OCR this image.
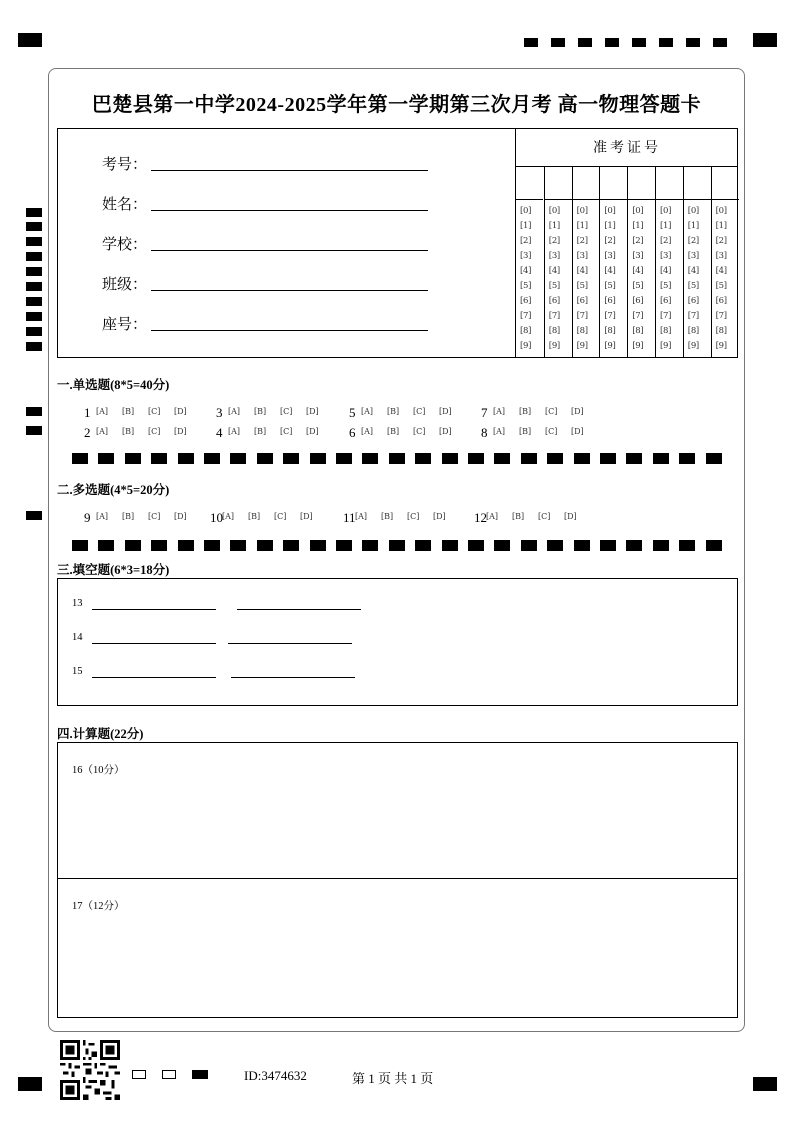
巴楚县第一中学2024-2025学年第一学期第三次月考 高一物理答题卡
考号：
姓名：
学校：
班级：
座号：
准考证号
[0]
[1]
[2]
[3]
[4]
[5]
[6]
[7]
[8]
[9]
[0]
[1]
[2]
[3]
[4]
[5]
[6]
[7]
[8]
[9]
[0]
[1]
[2]
[3]
[4]
[5]
[6]
[7]
[8]
[9]
[0]
[1]
[2]
[3]
[4]
[5]
[6]
[7]
[8]
[9]
[0]
[1]
[2]
[3]
[4]
[5]
[6]
[7]
[8]
[9]
[0]
[1]
[2]
[3]
[4]
[5]
[6]
[7]
[8]
[9]
[0]
[1]
[2]
[3]
[4]
[5]
[6]
[7]
[8]
[9]
[0]
[1]
[2]
[3]
[4]
[5]
[6]
[7]
[8]
[9]
一.单选题(8*5=40分)
1 [A] [B] [C] [D]
2 [A] [B] [C] [D]
3 [A] [B] [C] [D]
4 [A] [B] [C] [D]
5 [A] [B] [C] [D]
6 [A] [B] [C] [D]
7 [A] [B] [C] [D]
8 [A] [B] [C] [D]
二.多选题(4*5=20分)
9 [A] [B] [C] [D] 10 [A] [B] [C] [D] 11 [A] [B] [C] [D] 12 [A] [B] [C] [D]
三.填空题(6*3=18分)
13
14
15
四.计算题(22分)
16（10分）
17（12分）
ID:3474632	第 1 页 共 1 页
